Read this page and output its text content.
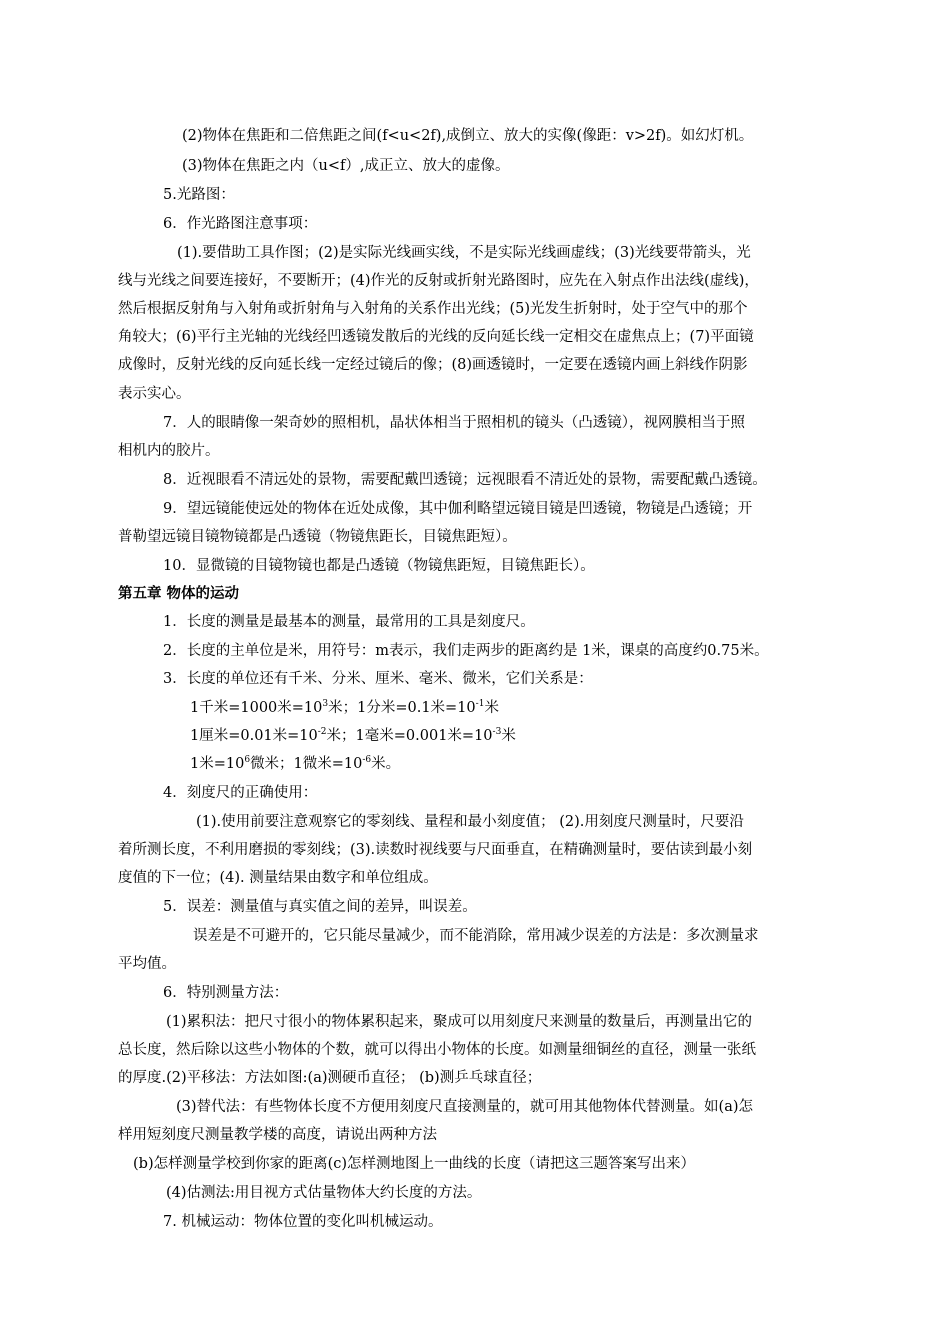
(2)物体在焦距和二倍焦距之间(f<u<2f),成倒立、放大的实像(像距：v>2f)。如幻灯机。
(3)物体在焦距之内（u<f）,成正立、放大的虚像。
5.光路图：
6．作光路图注意事项：
(1).要借助工具作图；(2)是实际光线画实线，不是实际光线画虚线；(3)光线要带箭头，光
线与光线之间要连接好，不要断开；(4)作光的反射或折射光路图时，应先在入射点作出法线(虚线)，
然后根据反射角与入射角或折射角与入射角的关系作出光线；(5)光发生折射时，处于空气中的那个
角较大；(6)平行主光轴的光线经凹透镜发散后的光线的反向延长线一定相交在虚焦点上；(7)平面镜
成像时，反射光线的反向延长线一定经过镜后的像；(8)画透镜时，一定要在透镜内画上斜线作阴影
表示实心。
7．人的眼睛像一架奇妙的照相机，晶状体相当于照相机的镜头（凸透镜），视网膜相当于照
相机内的胶片。
8．近视眼看不清远处的景物，需要配戴凹透镜；远视眼看不清近处的景物，需要配戴凸透镜。
9．望远镜能使远处的物体在近处成像，其中伽利略望远镜目镜是凹透镜，物镜是凸透镜；开
普勒望远镜目镜物镜都是凸透镜（物镜焦距长，目镜焦距短）。
10．显微镜的目镜物镜也都是凸透镜（物镜焦距短，目镜焦距长）。
第五章 物体的运动
1．长度的测量是最基本的测量，最常用的工具是刻度尺。
2．长度的主单位是米，用符号：m表示，我们走两步的距离约是 1米，课桌的高度约0.75米。
3．长度的单位还有千米、分米、厘米、毫米、微米，它们关系是：
1千米=1000米$=10^3$米；1分米=0.1米$=10^{-1}$米
1厘米=0.01米$=10^{-2}$米；1毫米=0.001米$=10^{-3}$米
1米$=10^6$微米；1微米$=10^{-6}$米。
4．刻度尺的正确使用：
(1).使用前要注意观察它的零刻线、量程和最小刻度值； (2).用刻度尺测量时，尺要沿
着所测长度，不利用磨损的零刻线；(3).读数时视线要与尺面垂直，在精确测量时，要估读到最小刻
度值的下一位；(4). 测量结果由数字和单位组成。
5．误差：测量值与真实值之间的差异，叫误差。
误差是不可避开的，它只能尽量减少，而不能消除，常用减少误差的方法是：多次测量求
平均值。
6．特别测量方法：
(1)累积法：把尺寸很小的物体累积起来，聚成可以用刻度尺来测量的数量后，再测量出它的
总长度，然后除以这些小物体的个数，就可以得出小物体的长度。如测量细铜丝的直径，测量一张纸
的厚度.(2)平移法：方法如图:(a)测硬币直径； (b)测乒乓球直径；
(3)替代法：有些物体长度不方便用刻度尺直接测量的，就可用其他物体代替测量。如(a)怎
样用短刻度尺测量教学楼的高度，请说出两种方法
(b)怎样测量学校到你家的距离(c)怎样测地图上一曲线的长度（请把这三题答案写出来）
(4)估测法:用目视方式估量物体大约长度的方法。
7. 机械运动：物体位置的变化叫机械运动。
